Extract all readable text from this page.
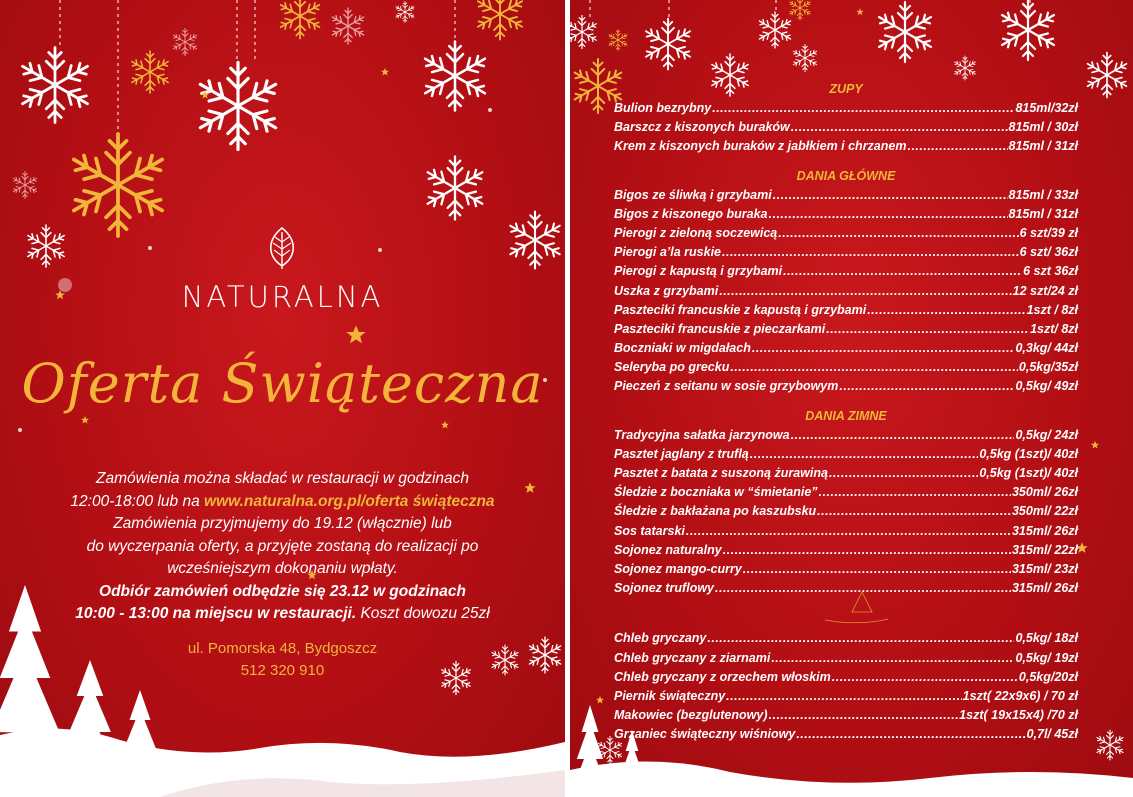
NATURALNA
Oferta Świąteczna
Zamówienia można składać w restauracji w godzinach
12:00-18:00 lub na www.naturalna.org.pl/oferta świąteczna
Zamówienia przyjmujemy do 19.12 (włącznie) lub
do wyczerpania oferty, a przyjęte zostaną do realizacji po
wcześniejszym dokonaniu wpłaty.
Odbiór zamówień odbędzie się 23.12 w godzinach
10:00 - 13:00 na miejscu w restauracji. Koszt dowozu 25zł
ul. Pomorska 48, Bydgoszcz
512 320 910
ZUPY
Bulion bezrybny .....	815ml/32zł
Barszcz z kiszonych buraków .....	815ml / 30zł
Krem z kiszonych buraków z jabłkiem i chrzanem .....	815ml / 31zł
DANIA GŁÓWNE
Bigos ze śliwką i grzybami .....	815ml / 33zł
Bigos z kiszonego buraka .....	815ml / 31zł
Pierogi z zieloną soczewicą .....	6 szt/39 zł
Pierogi a’la ruskie .....	6 szt/ 36zł
Pierogi z kapustą i grzybami .....	6 szt 36zł
Uszka z grzybami .....	12 szt/24 zł
Paszteciki francuskie z kapustą i grzybami .....	1szt / 8zł
Paszteciki francuskie z pieczarkami .....	1szt/ 8zł
Boczniaki w migdałach .....	0,3kg/ 44zł
Seleryba po grecku .....	0,5kg/35zł
Pieczeń z seitanu w sosie grzybowym .....	0,5kg/ 49zł
DANIA ZIMNE
Tradycyjna sałatka jarzynowa .....	0,5kg/ 24zł
Pasztet jaglany z truflą .....	0,5kg (1szt)/ 40zł
Pasztet z batata z suszoną żurawiną .....	0,5kg (1szt)/ 40zł
Śledzie z boczniaka w “śmietanie” .....	350ml/ 26zł
Śledzie z bakłażana po kaszubsku .....	350ml/ 22zł
Sos tatarski .....	315ml/ 26zł
Sojonez naturalny .....	315ml/ 22zł
Sojonez mango-curry .....	315ml/ 23zł
Sojonez truflowy .....	315ml/ 26zł
Chleb gryczany .....	0,5kg/ 18zł
Chleb gryczany z ziarnami .....	0,5kg/ 19zł
Chleb gryczany z orzechem włoskim .....	0,5kg/20zł
Piernik świąteczny .....	1szt( 22x9x6) / 70 zł
Makowiec (bezglutenowy) .....	1szt( 19x15x4) /70 zł
Grzaniec świąteczny wiśniowy .....	0,7l/ 45zł
